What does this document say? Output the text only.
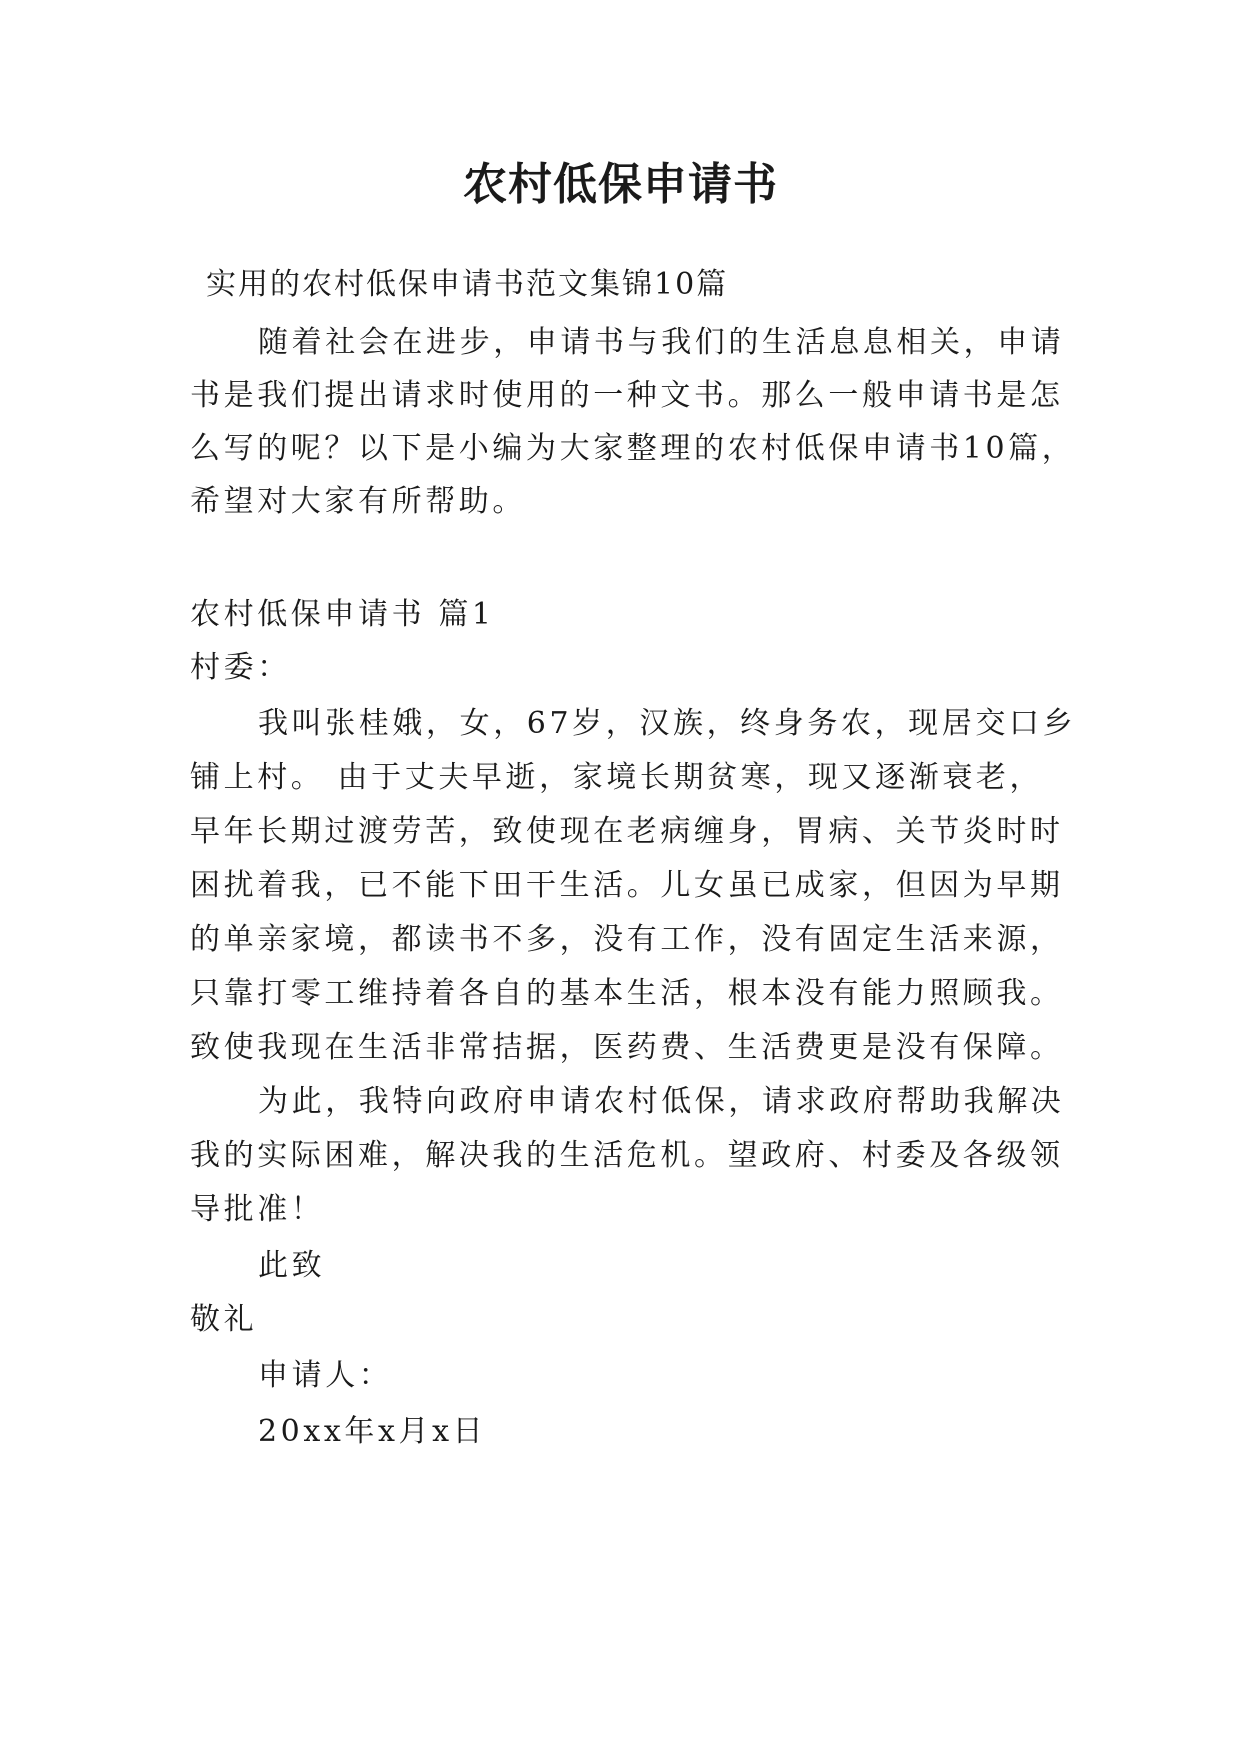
农村低保申请书

实用的农村低保申请书范文集锦10篇

随着社会在进步，申请书与我们的生活息息相关，申请

书是我们提出请求时使用的一种文书。那么一般申请书是怎

么写的呢？以下是小编为大家整理的农村低保申请书10篇，

希望对大家有所帮助。

农村低保申请书 篇1

村委：

我叫张桂娥，女，67岁，汉族，终身务农，现居交口乡

铺上村。 由于丈夫早逝，家境长期贫寒，现又逐渐衰老，

早年长期过渡劳苦，致使现在老病缠身，胃病、关节炎时时

困扰着我，已不能下田干生活。儿女虽已成家，但因为早期

的单亲家境，都读书不多，没有工作，没有固定生活来源，

只靠打零工维持着各自的基本生活，根本没有能力照顾我。

致使我现在生活非常拮据，医药费、生活费更是没有保障。

为此，我特向政府申请农村低保，请求政府帮助我解决

我的实际困难，解决我的生活危机。望政府、村委及各级领

导批准！

此致

敬礼

申请人：

20xx年x月x日
